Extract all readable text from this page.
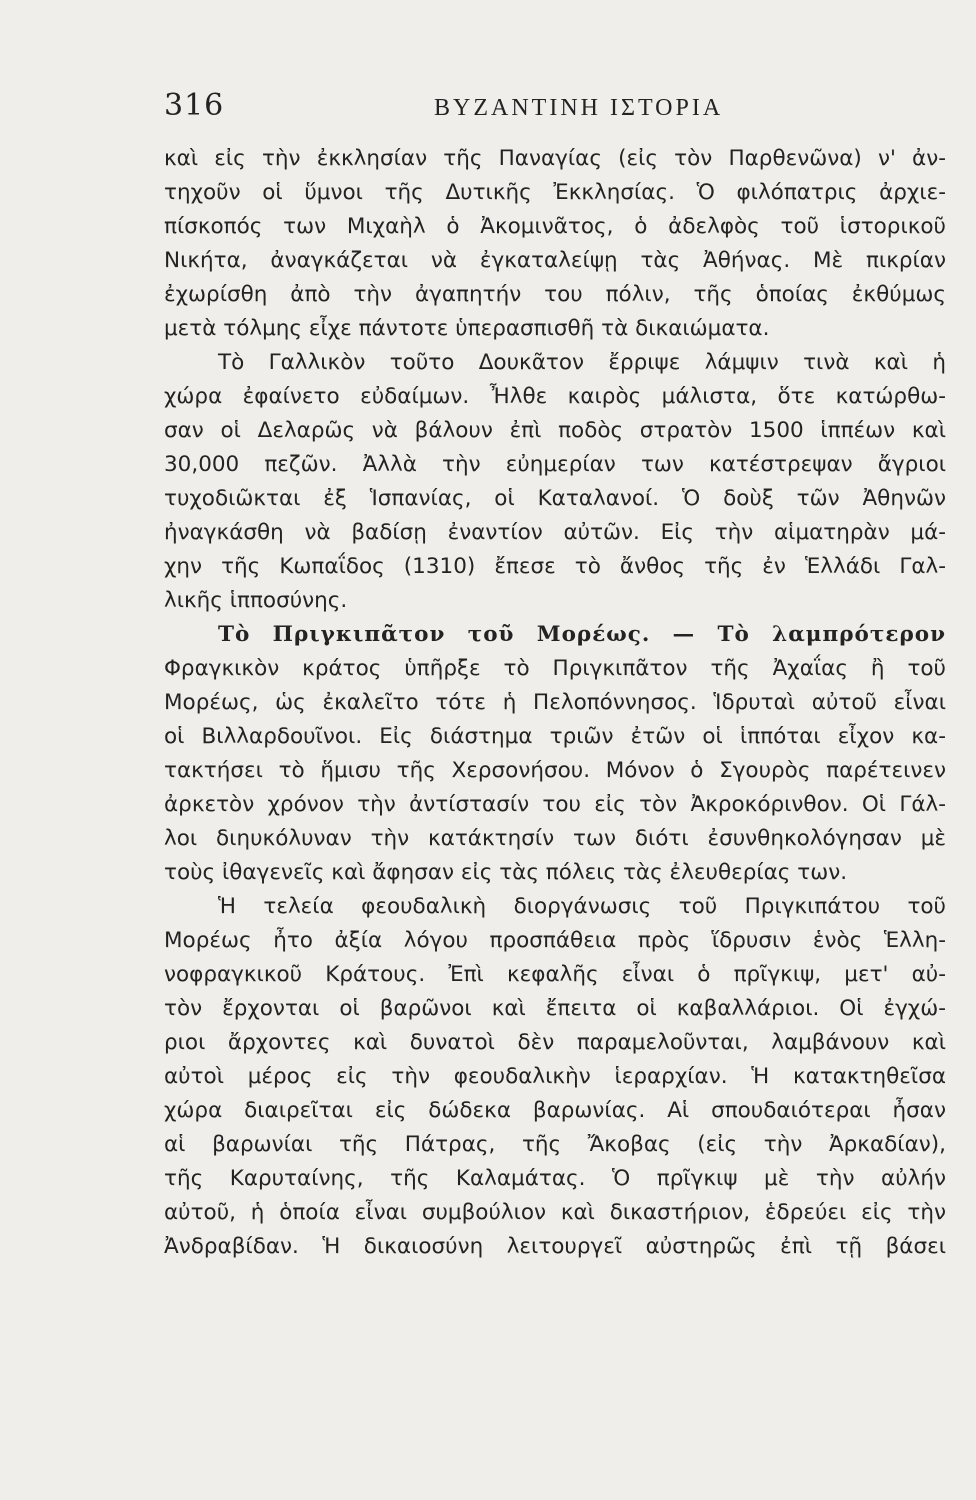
316	ΒΥΖΑΝΤΙΝΗ ΙΣΤΟΡΙΑ
καὶ εἰς τὴν ἐκκλησίαν τῆς Παναγίας (εἰς τὸν Παρθενῶνα) ν' ἀν-
τηχοῦν οἱ ὕμνοι τῆς Δυτικῆς Ἐκκλησίας. Ὁ φιλόπατρις ἀρχιε-
πίσκοπός των Μιχαὴλ ὁ Ἀκομινᾶτος, ὁ ἀδελφὸς τοῦ ἱστορικοῦ
Νικήτα, ἀναγκάζεται νὰ ἐγκαταλείψῃ τὰς Ἀθήνας. Μὲ πικρίαν
ἐχωρίσθη ἀπὸ τὴν ἀγαπητήν του πόλιν, τῆς ὁποίας ἐκθύμως
μετὰ τόλμης εἶχε πάντοτε ὑπερασπισθῆ τὰ δικαιώματα.
Τὸ Γαλλικὸν τοῦτο Δουκᾶτον ἔρριψε λάμψιν τινὰ καὶ ἡ
χώρα ἐφαίνετο εὐδαίμων. Ἦλθε καιρὸς μάλιστα, ὅτε κατώρθω-
σαν οἱ Δελαρῶς νὰ βάλουν ἐπὶ ποδὸς στρατὸν 1500 ἱππέων καὶ
30,000 πεζῶν. Ἀλλὰ τὴν εὐημερίαν των κατέστρεψαν ἄγριοι
τυχοδιῶκται ἐξ Ἱσπανίας, οἱ Καταλανοί. Ὁ δοὺξ τῶν Ἀθηνῶν
ἠναγκάσθη νὰ βαδίσῃ ἐναντίον αὐτῶν. Εἰς τὴν αἱματηρὰν μά-
χην τῆς Κωπαΐδος (1310) ἔπεσε τὸ ἄνθος τῆς ἐν Ἑλλάδι Γαλ-
λικῆς ἱπποσύνης.
Τὸ Πριγκιπᾶτον τοῦ Μορέως. — Τὸ λαμπρότερον
Φραγκικὸν κράτος ὑπῆρξε τὸ Πριγκιπᾶτον τῆς Ἀχαΐας ἢ τοῦ
Μορέως, ὡς ἐκαλεῖτο τότε ἡ Πελοπόννησος. Ἱδρυταὶ αὐτοῦ εἶναι
οἱ Βιλλαρδουῖνοι. Εἰς διάστημα τριῶν ἐτῶν οἱ ἱππόται εἶχον κα-
τακτήσει τὸ ἥμισυ τῆς Χερσονήσου. Μόνον ὁ Σγουρὸς παρέτεινεν
ἀρκετὸν χρόνον τὴν ἀντίστασίν του εἰς τὸν Ἀκροκόρινθον. Οἱ Γάλ-
λοι διηυκόλυναν τὴν κατάκτησίν των διότι ἐσυνθηκολόγησαν μὲ
τοὺς ἰθαγενεῖς καὶ ἄφησαν εἰς τὰς πόλεις τὰς ἐλευθερίας των.
Ἡ τελεία φεουδαλικὴ διοργάνωσις τοῦ Πριγκιπάτου τοῦ
Μορέως ἦτο ἀξία λόγου προσπάθεια πρὸς ἵδρυσιν ἑνὸς Ἑλλη-
νοφραγκικοῦ Κράτους. Ἐπὶ κεφαλῆς εἶναι ὁ πρῖγκιψ, μετ' αὐ-
τὸν ἔρχονται οἱ βαρῶνοι καὶ ἔπειτα οἱ καβαλλάριοι. Οἱ ἐγχώ-
ριοι ἄρχοντες καὶ δυνατοὶ δὲν παραμελοῦνται, λαμβάνουν καὶ
αὐτοὶ μέρος εἰς τὴν φεουδαλικὴν ἱεραρχίαν. Ἡ κατακτηθεῖσα
χώρα διαιρεῖται εἰς δώδεκα βαρωνίας. Αἱ σπουδαιότεραι ἦσαν
αἱ βαρωνίαι τῆς Πάτρας, τῆς Ἄκοβας (εἰς τὴν Ἀρκαδίαν),
τῆς Καρυταίνης, τῆς Καλαμάτας. Ὁ πρῖγκιψ μὲ τὴν αὐλήν
αὐτοῦ, ἡ ὁποία εἶναι συμβούλιον καὶ δικαστήριον, ἑδρεύει εἰς τὴν
Ἀνδραβίδαν. Ἡ δικαιοσύνη λειτουργεῖ αὐστηρῶς ἐπὶ τῇ βάσει
